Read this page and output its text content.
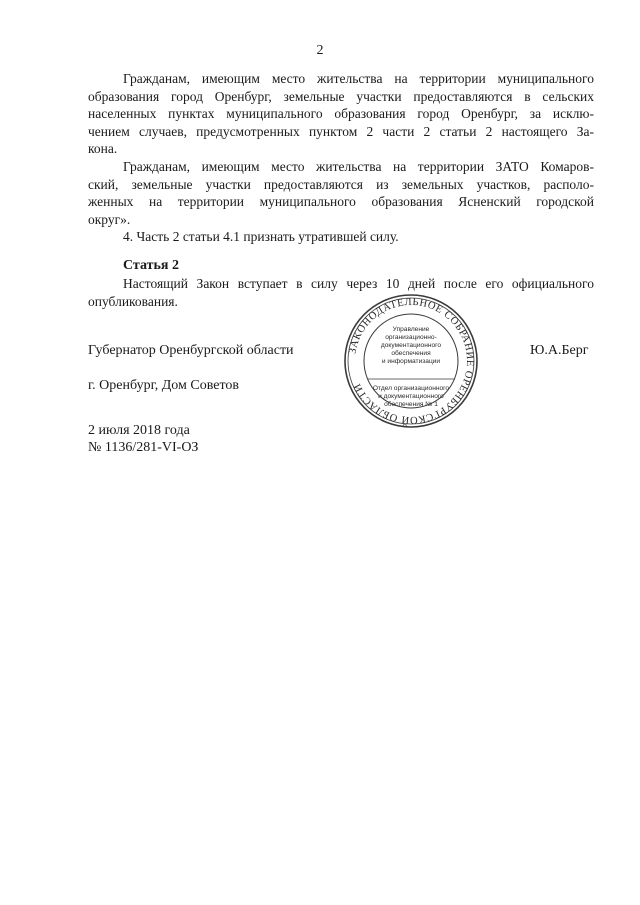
2

Гражданам, имеющим место жительства на территории муниципального
образования город Оренбург, земельные участки предоставляются в сельских
населенных пунктах муниципального образования город Оренбург, за исклю-
чением случаев, предусмотренных пунктом 2 части 2 статьи 2 настоящего За-
кона.

Гражданам, имеющим место жительства на территории ЗАТО Комаров-
ский, земельные участки предоставляются из земельных участков, располо-
женных на территории муниципального образования Ясненский городской
округ».

4. Часть 2 статьи 4.1 признать утратившей силу.
Статья 2

Настоящий Закон вступает в силу через 10 дней после его официального
опубликования.

Губернатор Оренбургской области	Ю.А.Берг
г. Оренбург, Дом Советов
2 июля 2018 года
№ 1136/281-VI-ОЗ
ЗАКОНОДАТЕЛЬНОЕ СОБРАНИЕ ОРЕНБУРГСКОЙ ОБЛАСТИ
Управление
организационно-
документационного
обеспечения
и информатизации
Отдел организационного
и документационного
обеспечения № 1
